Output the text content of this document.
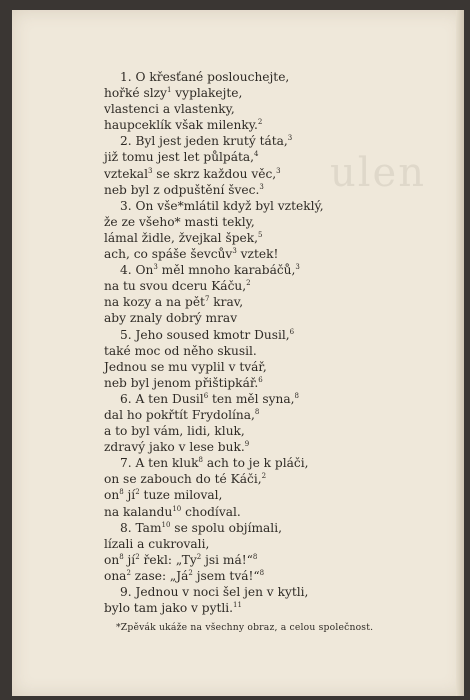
ulen
1. O křesťané poslouchejte,
hořké slzy$^1$ vyplakejte,
vlastenci a vlastenky,
haupceklík však milenky.$^2$
2. Byl jest jeden krutý táta,$^3$
již tomu jest let půlpáta,$^4$
vztekal$^3$ se skrz každou věc,$^3$
neb byl z odpuštění švec.$^3$
3. On vše*mlátil když byl vzteklý,
že ze všeho* masti tekly,
lámal židle, žvejkal špek,$^5$
ach, co spáše ševcův$^3$ vztek!
4. On$^3$ měl mnoho karabáčů,$^3$
na tu svou dceru Káču,$^2$
na kozy a na pět$^7$ krav,
aby znaly dobrý mrav
5. Jeho soused kmotr Dusil,$^6$
také moc od něho skusil.
Jednou se mu vyplil v tvář,
neb byl jenom přištipkář.$^6$
6. A ten Dusil$^6$ ten měl syna,$^8$
dal ho pokřtít Frydolína,$^8$
a to byl vám, lidi, kluk,
zdravý jako v lese buk.$^9$
7. A ten kluk$^8$ ach to je k pláči,
on se zabouch do té Káči,$^2$
$on^8$ $jí^2$ tuze miloval,
na kalandu$^{10}$ chodíval.
8. Tam$^{10}$ se spolu objímali,
lízali a cukrovali,
$on^8$ $jí^2$ řekl: „Ty$^2$ jsi má!“$^8$
ona$^2$ zase: $„Já^2$ jsem tvá!“$^8$
9. Jednou v noci šel jen v kytli,
bylo tam jako v pytli.$^{11}$
*Zpěvák ukáže na všechny obraz, a celou společnost.
